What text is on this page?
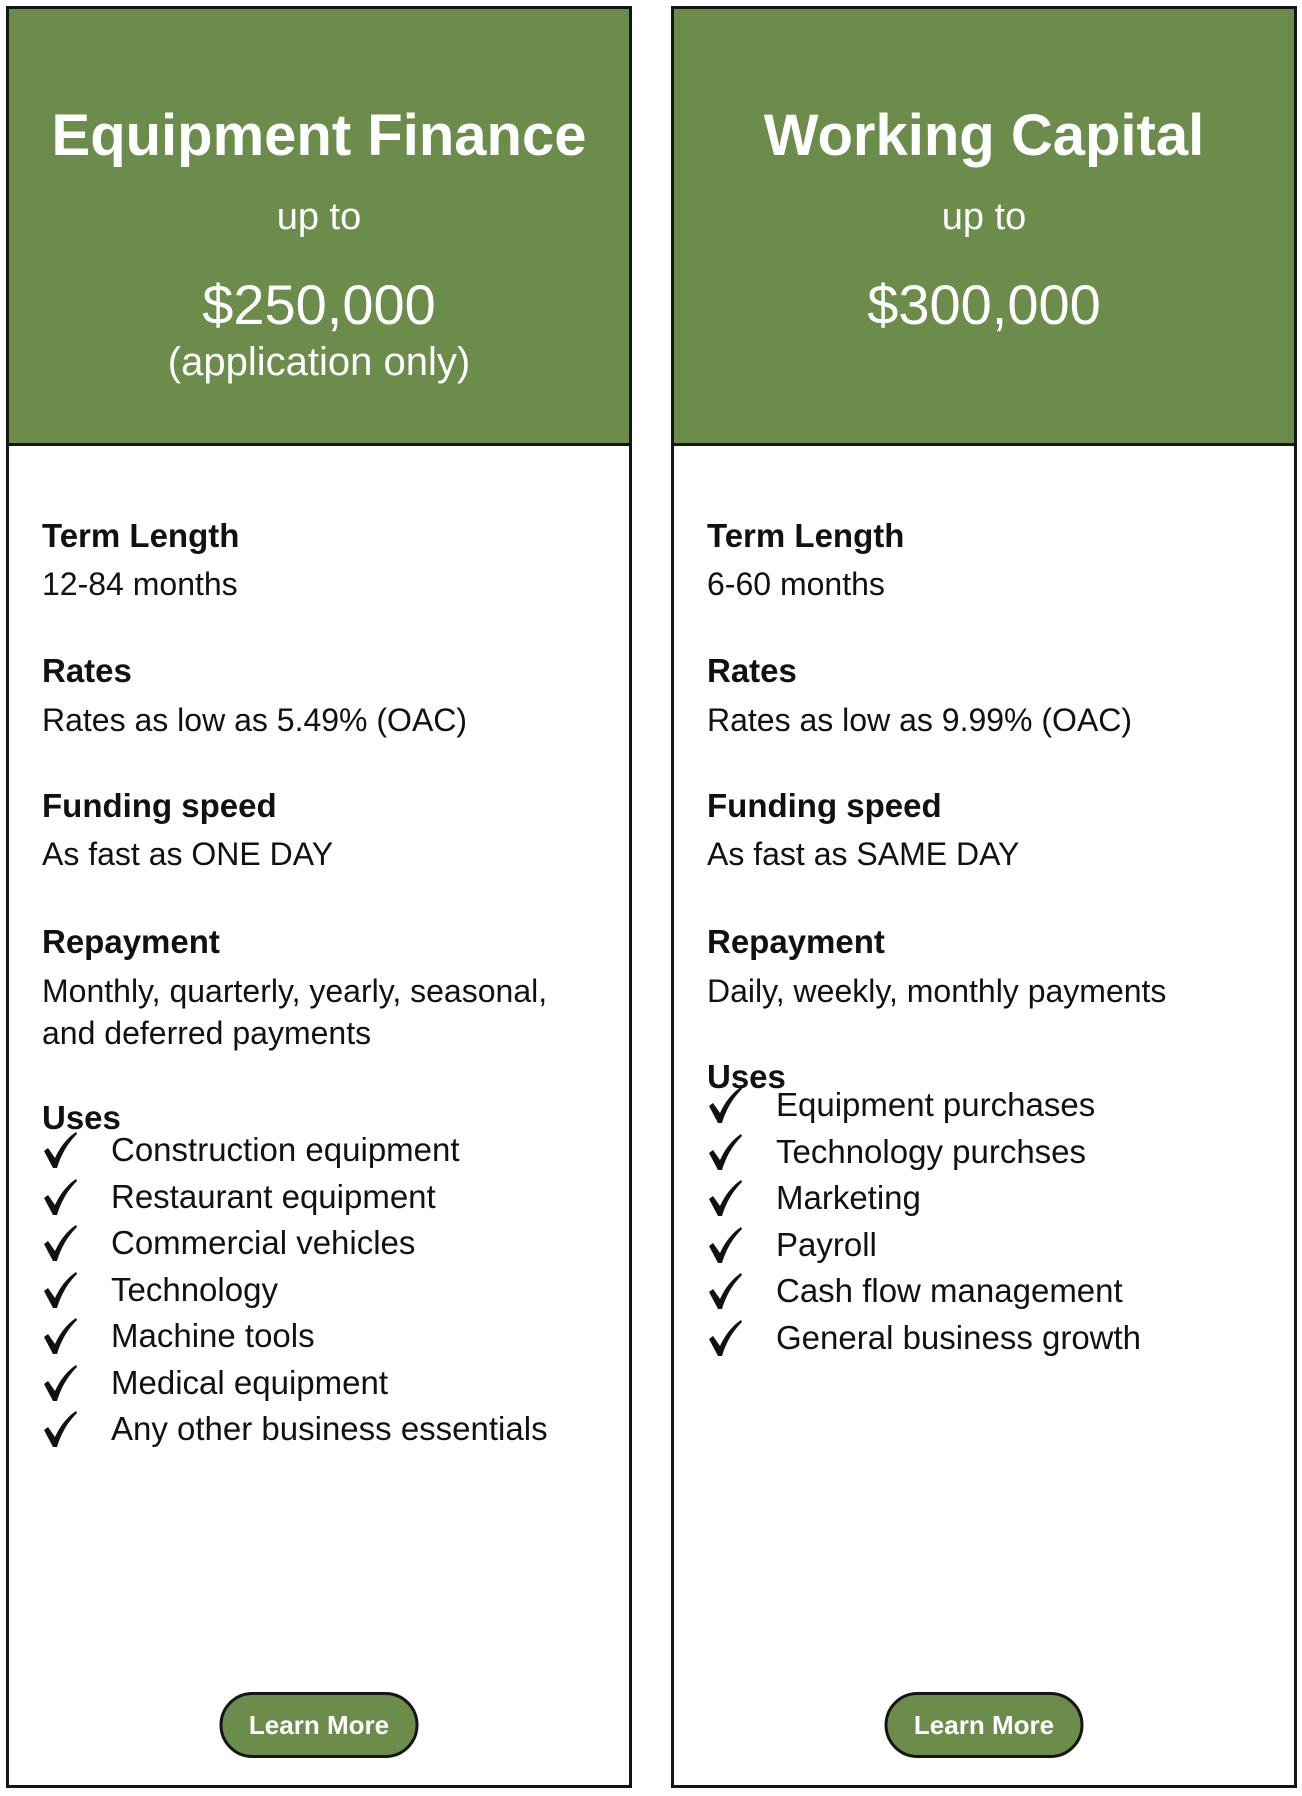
Equipment Finance
up to
$250,000
(application only)
Term Length
12-84 months
Rates
Rates as low as 5.49% (OAC)
Funding speed
As fast as ONE DAY
Repayment
Monthly, quarterly, yearly, seasonal,
and deferred payments
Uses
Construction equipment
Restaurant equipment
Commercial vehicles
Technology
Machine tools
Medical equipment
Any other business essentials
Learn More
Working Capital
up to
$300,000
Term Length
6-60 months
Rates
Rates as low as 9.99% (OAC)
Funding speed
As fast as SAME DAY
Repayment
Daily, weekly, monthly payments
Uses
Equipment purchases
Technology purchses
Marketing
Payroll
Cash flow management
General business growth
Learn More
